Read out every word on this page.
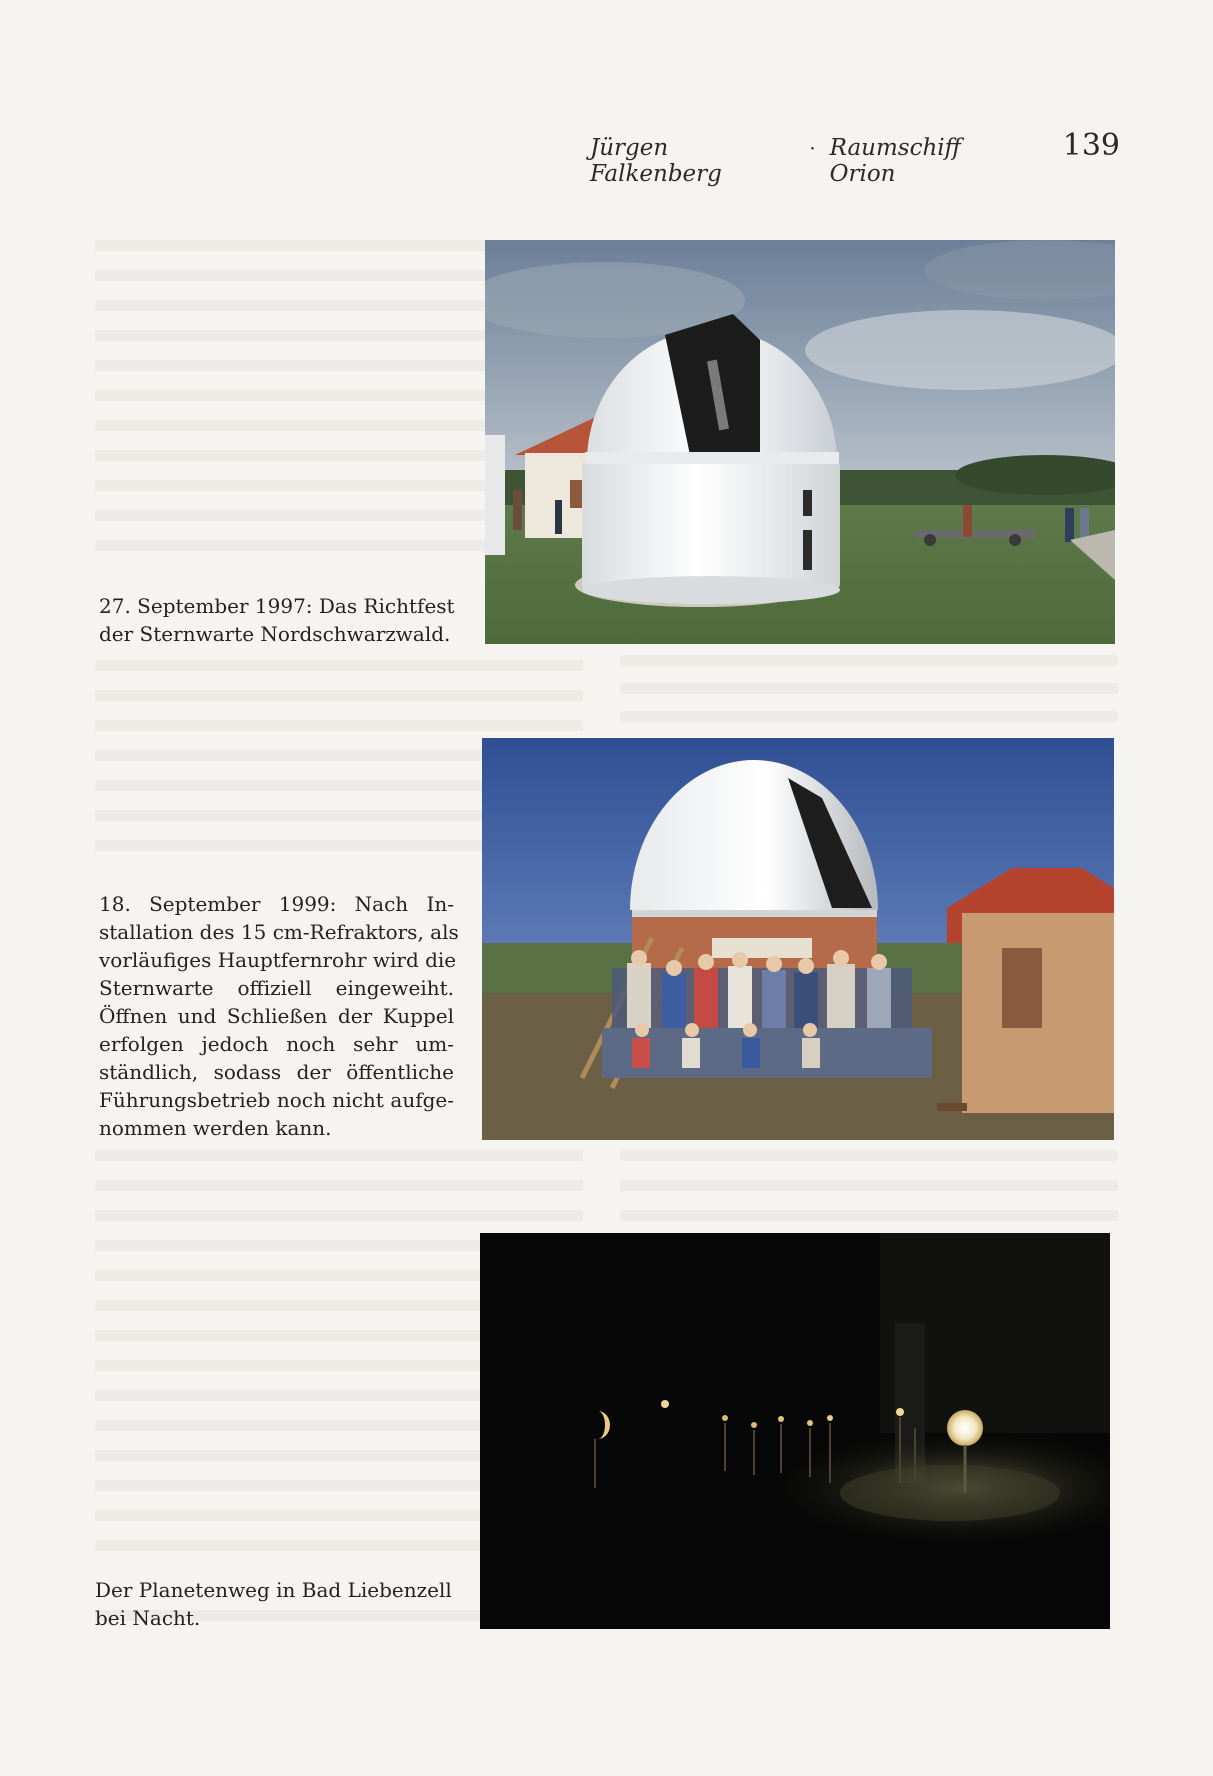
Jürgen Falkenberg
· Raumschiff Orion
139
27. September 1997: Das Richtfest
der Sternwarte Nordschwarzwald.
18. September 1999: Nach In-
stallation des 15 cm-Refraktors, als
vorläufiges Hauptfernrohr wird die
Sternwarte offiziell eingeweiht.
Öffnen und Schließen der Kuppel
erfolgen jedoch noch sehr um-
ständlich, sodass der öffentliche
Führungsbetrieb noch nicht aufge-
nommen werden kann.
Der Planetenweg in Bad Liebenzell
bei Nacht.
